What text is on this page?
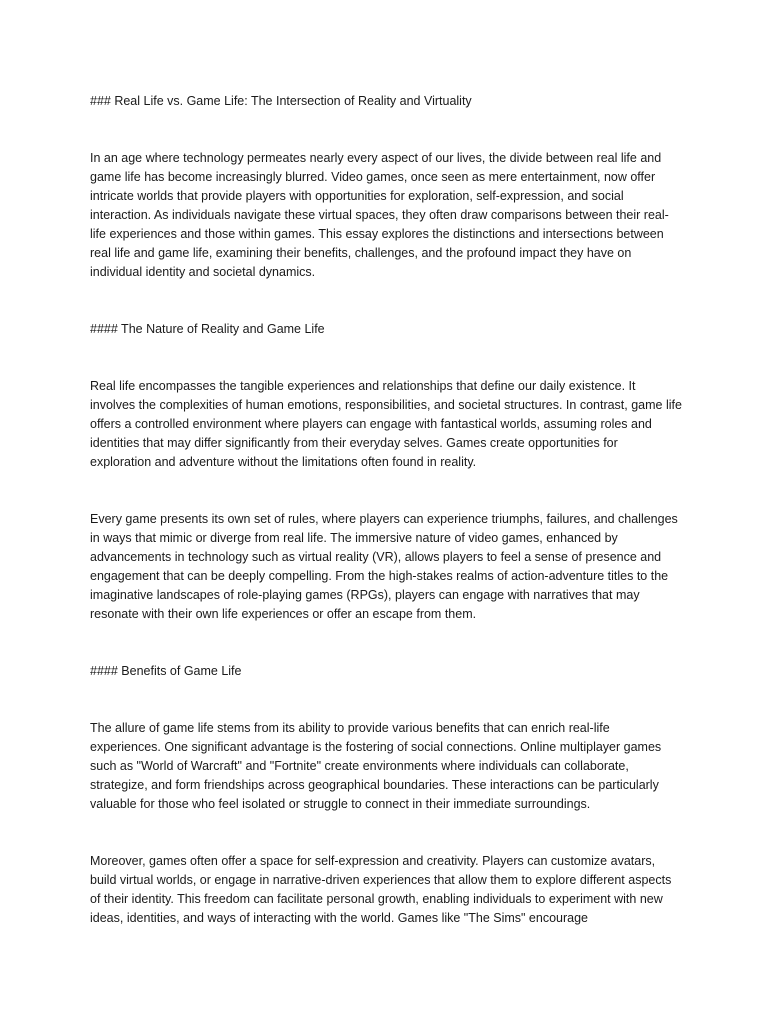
### Real Life vs. Game Life: The Intersection of Reality and Virtuality

In an age where technology permeates nearly every aspect of our lives, the divide between real life and game life has become increasingly blurred. Video games, once seen as mere entertainment, now offer intricate worlds that provide players with opportunities for exploration, self-expression, and social interaction. As individuals navigate these virtual spaces, they often draw comparisons between their real-life experiences and those within games. This essay explores the distinctions and intersections between real life and game life, examining their benefits, challenges, and the profound impact they have on individual identity and societal dynamics.

#### The Nature of Reality and Game Life

Real life encompasses the tangible experiences and relationships that define our daily existence. It involves the complexities of human emotions, responsibilities, and societal structures. In contrast, game life offers a controlled environment where players can engage with fantastical worlds, assuming roles and identities that may differ significantly from their everyday selves. Games create opportunities for exploration and adventure without the limitations often found in reality.

Every game presents its own set of rules, where players can experience triumphs, failures, and challenges in ways that mimic or diverge from real life. The immersive nature of video games, enhanced by advancements in technology such as virtual reality (VR), allows players to feel a sense of presence and engagement that can be deeply compelling. From the high-stakes realms of action-adventure titles to the imaginative landscapes of role-playing games (RPGs), players can engage with narratives that may resonate with their own life experiences or offer an escape from them.

#### Benefits of Game Life

The allure of game life stems from its ability to provide various benefits that can enrich real-life experiences. One significant advantage is the fostering of social connections. Online multiplayer games such as "World of Warcraft" and "Fortnite" create environments where individuals can collaborate, strategize, and form friendships across geographical boundaries. These interactions can be particularly valuable for those who feel isolated or struggle to connect in their immediate surroundings.

Moreover, games often offer a space for self-expression and creativity. Players can customize avatars, build virtual worlds, or engage in narrative-driven experiences that allow them to explore different aspects of their identity. This freedom can facilitate personal growth, enabling individuals to experiment with new ideas, identities, and ways of interacting with the world. Games like "The Sims" encourage
